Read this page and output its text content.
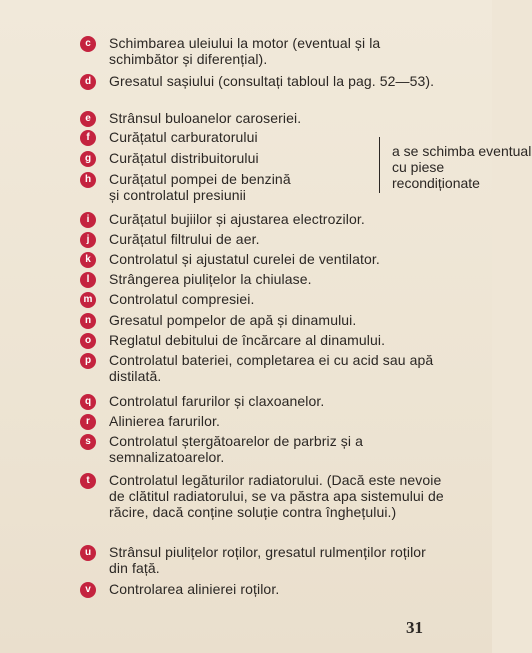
c	Schimbarea uleiului la motor (eventual și la schimbător și diferențial).
d	Gresatul sașiului (consultați tabloul la pag. 52—53).
e	Strânsul buloanelor caroseriei.
f	Curățatul carburatorului
g	Curățatul distribuitorului
h	Curățatul pompei de benzină și controlatul presiunii
a se schimba eventual cu piese recondiționate
i	Curățatul bujiilor și ajustarea electrozilor.
j	Curățatul filtrului de aer.
k	Controlatul și ajustatul curelei de ventilator.
l	Strângerea piulițelor la chiulase.
m Controlatul compresiei.
n	Gresatul pompelor de apă și dinamului.
o	Reglatul debitului de încărcare al dinamului.
p	Controlatul bateriei, completarea ei cu acid sau apă distilată.
q	Controlatul farurilor și claxoanelor.
r	Alinierea farurilor.
s	Controlatul ștergătoarelor de parbriz și a semnalizatoarelor.
t	Controlatul legăturilor radiatorului. (Dacă este nevoie de clătitul radiatorului, se va păstra apa sistemului de răcire, dacă conține soluție contra înghețului.)
u	Strânsul piulițelor roților, gresatul rulmenților roților din față.
v	Controlarea alinierei roților.
31
